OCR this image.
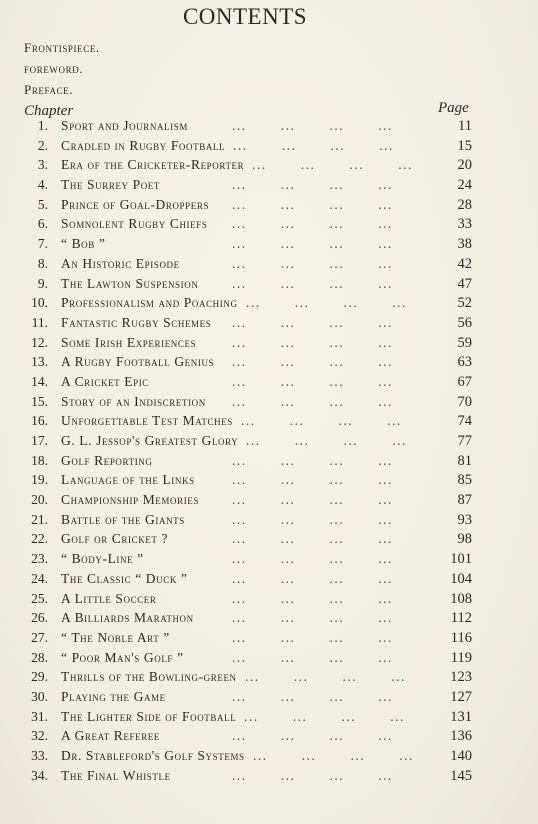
CONTENTS
Frontispiece.
foreword.
Preface.
Chapter	Page
1. Sport and Journalism	...       ...       ...       ...	11
2. Cradled in Rugby Football ...       ...       ...       ...	15
3. Era of the Cricketer-Reporter ...       ...       ...       ...	20
4. The Surrey Poet	...       ...       ...       ...	24
5. Prince of Goal-Droppers ...       ...       ...       ...	28
6. Somnolent Rugby Chiefs ...       ...       ...       ...	33
7. “ Bob ”	...       ...       ...       ...	38
8. An Historic Episode	...       ...       ...       ...	42
9. The Lawton Suspension ...       ...       ...       ...	47
10. Professionalism and Poaching ...       ...       ...       ...	52
11. Fantastic Rugby Schemes ...       ...       ...       ...	56
12. Some Irish Experiences	...       ...       ...       ...	59
13. A Rugby Football Genius ...       ...       ...       ...	63
14. A Cricket Epic	...       ...       ...       ...	67
15. Story of an Indiscretion ...       ...       ...       ...	70
16. Unforgettable Test Matches ...       ...       ...       ...	74
17. G. L. Jessop's Greatest Glory ...       ...       ...       ...	77
18. Golf Reporting	...       ...       ...       ...	81
19. Language of the Links	...       ...       ...       ...	85
20. Championship Memories ...       ...       ...       ...	87
21. Battle of the Giants	...       ...       ...       ...	93
22. Golf or Cricket ?	...       ...       ...       ...	98
23. “ Body-Line ”	...       ...       ...       ...	101
24. The Classic “ Duck ”	...       ...       ...       ...	104
25. A Little Soccer	...       ...       ...       ...	108
26. A Billiards Marathon	...       ...       ...       ...	112
27. “ The Noble Art ”	...       ...       ...       ...	116
28. “ Poor Man's Golf ”	...       ...       ...       ...	119
29. Thrills of the Bowling-green ...       ...       ...       ...	123
30. Playing the Game	...       ...       ...       ...	127
31. The Lighter Side of Football ...       ...       ...       ...	131
32. A Great Referee	...       ...       ...       ...	136
33. Dr. Stableford's Golf Systems ...       ...       ...       ...	140
34. The Final Whistle	...       ...       ...       ...	145
